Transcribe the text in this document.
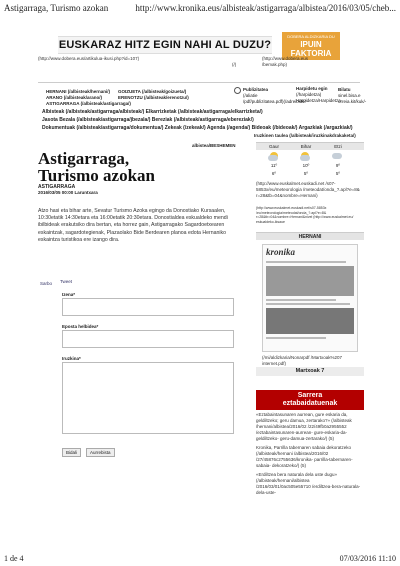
Astigarraga, Turismo azokan	http://www.kronika.eus/albisteak/astigarraga/albistea/2016/03/05/cheb...
EUSKARAZ HITZ EGIN NAHI AL DUZU?
(http://www.dobera.eus/artikulua-ikusi.php?id=107)
(/)
DOBERA ALDIZKARIA DU
IPUIN
FAKTORIA
(http://www.dobera.eus
/bemak.php)
HERNANI (/albisteak/hernani/) GOIZUETA (/albisteak/goizueta/)
ARANO (/albisteak/arano/)	ERENOTZU (/albisteak/erenotzu/)
ASTIGARRAGA (/albisteak/astigarraga/)
Publizitatea
(/aliatie
/pdf/publizitatea.pdf)(/adreibide/
Harpidetu egin
(/harpidetza)
Harpidetza/Harpidetza
Bilatu
sinel.bisa.e
orreia.kit/kuk/-
Albisteak (/albisteak/astigarraga/albisteak/) Elkarrizketak (/albisteak/astigarraga/elkarrizketa/)
Jasota Bezala (/albisteak/astigarraga/jbezala/) Bereziak (/albisteak/astigarraga/ebereziak/)
Dokumentuak (/albisteak/astigarraga/dokumentua/) Zekeak (/zekeak/) Agenda (/agenda/) Bideoak (/bideoak/) Argazkiak (/argazkiak/)
Iruzkinen taulea (/albisteak/iruzkinakdrakaketa/)
albistea/BESHEMEN
Astigarraga,
Turismo azokan
ASTIGARRAGA
2016/03/05 00:00 Laruntxara
Atzo hasi eta bihar arte, Sevatur Turismo Azoka egingo da Donostiako Kursaalen, 10:30etatik 14:30etara eta 16:00etatik 20:30etara. Donostialdea eskualdeko mendi ibilbideak erakutsiko dira bertan, eta horrez gain, Astigarragako Sagardoetxearen eskaintzak, sagardotegienak, Plazaolako Bide Berdearen planoa edota Hernaniko eskaintza turistikoa ere izango dira.
Sarbo Tweet
Izena*
Eposta helbidea*
Iruzkina*
Bidali	Aurrebista
Gaur	Bihar	Etzi
11º	10º	9º
6º	5º	5º
(http://www.euskalmet.euskadi.net /s07-5853x/eu/meteorologia /meteodat/onda_?.apl?e=8& r=28&tb=04&nombre=Hernani)
(http://www.euskalmet.euskadi.net/s07-5853x /eu/meteorologia/meteodat/onda_?.apl?e=8& r=28&tb=04&nombre=Hernani&nivel (http://www.euskalmet.eu/ eskualdeko-iksaue
HERNANI
kronika
(/mi/aldizkaria/Nonarpdf /Martxoak%207 internet.pdf)
Martxoak 7
Sarrera
eztabaidatuenak
«Eztabaintasunaren aurrean, gure eskaria da, geldiltzeko; geru damua, zertarako?» (/albisteak /hernani/albistea/2016/02 /22/49fb0a2955552 /eztabaintasunaren-aurrean- gure-eskaria-da-geldiltzeko- geru-damua-zertarako/) (5)
Kronika, Parrilla tabernaren sabaia dekoratzeko (/albisteak/hernani /albistea/2016/02 /27/45876c2755636/kronika- parrilla-tabernaren-sabaia- dekoratzeko/) (5)
«Erdiltzea bera naturala dela uste dugu» (/albisteak/hernani/albistea /2016/03/01/0ac505e55710 /erdiltzea-bera-naturala-dela-uste-
1 de 4	07/03/2016 11:10
